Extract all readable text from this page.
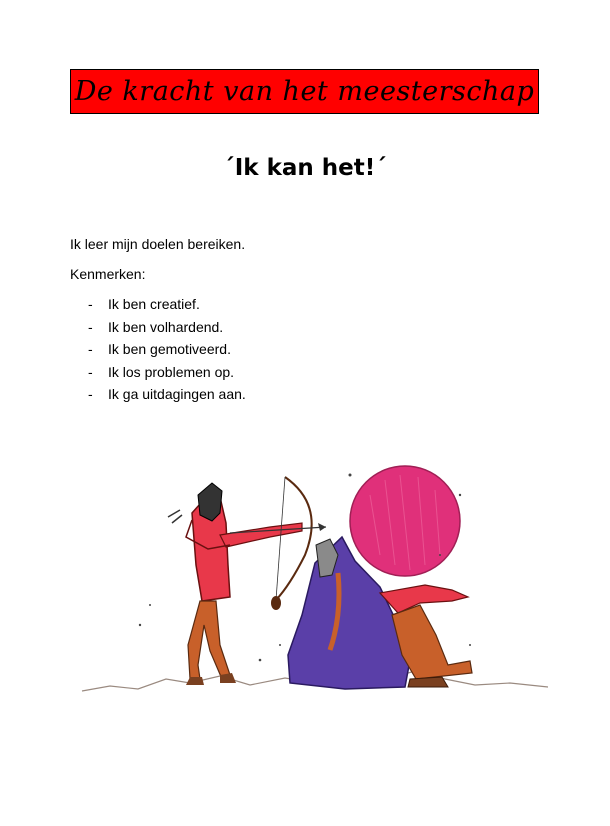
De kracht van het meesterschap
´Ik kan het!´
Ik leer mijn doelen bereiken.
Kenmerken:
-	Ik ben creatief.
-	Ik ben volhardend.
-	Ik ben gemotiveerd.
-	Ik los problemen op.
-	Ik ga uitdagingen aan.
